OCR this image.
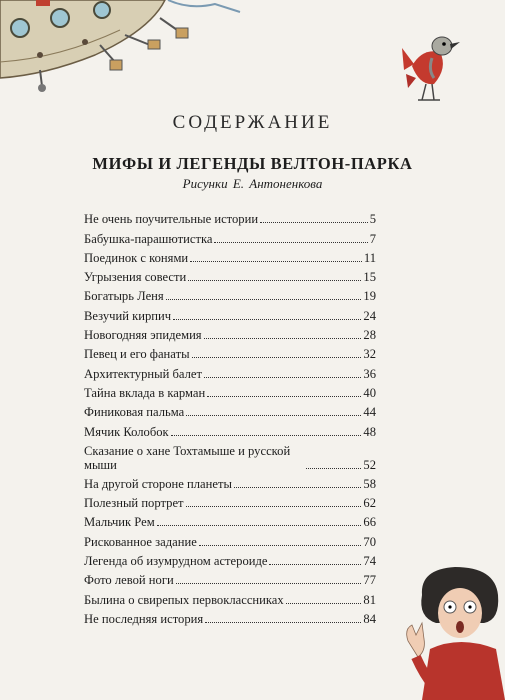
СОДЕРЖАНИЕ
МИФЫ И ЛЕГЕНДЫ ВЕЛТОН-ПАРКА
Рисунки Е. Антоненкова
Не очень поучительные истории	5
Бабушка-парашютистка	7
Поединок с конями	11
Угрызения совести	15
Богатырь Леня	19
Везучий кирпич	24
Новогодняя эпидемия	28
Певец и его фанаты	32
Архитектурный балет	36
Тайна вклада в карман	40
Финиковая пальма	44
Мячик Колобок	48
Сказание о хане Тохтамыше и русской мыши	52
На другой стороне планеты	58
Полезный портрет	62
Мальчик Рем	66
Рискованное задание	70
Легенда об изумрудном астероиде	74
Фото левой ноги	77
Былина о свирепых первоклассниках	81
Не последняя история	84
